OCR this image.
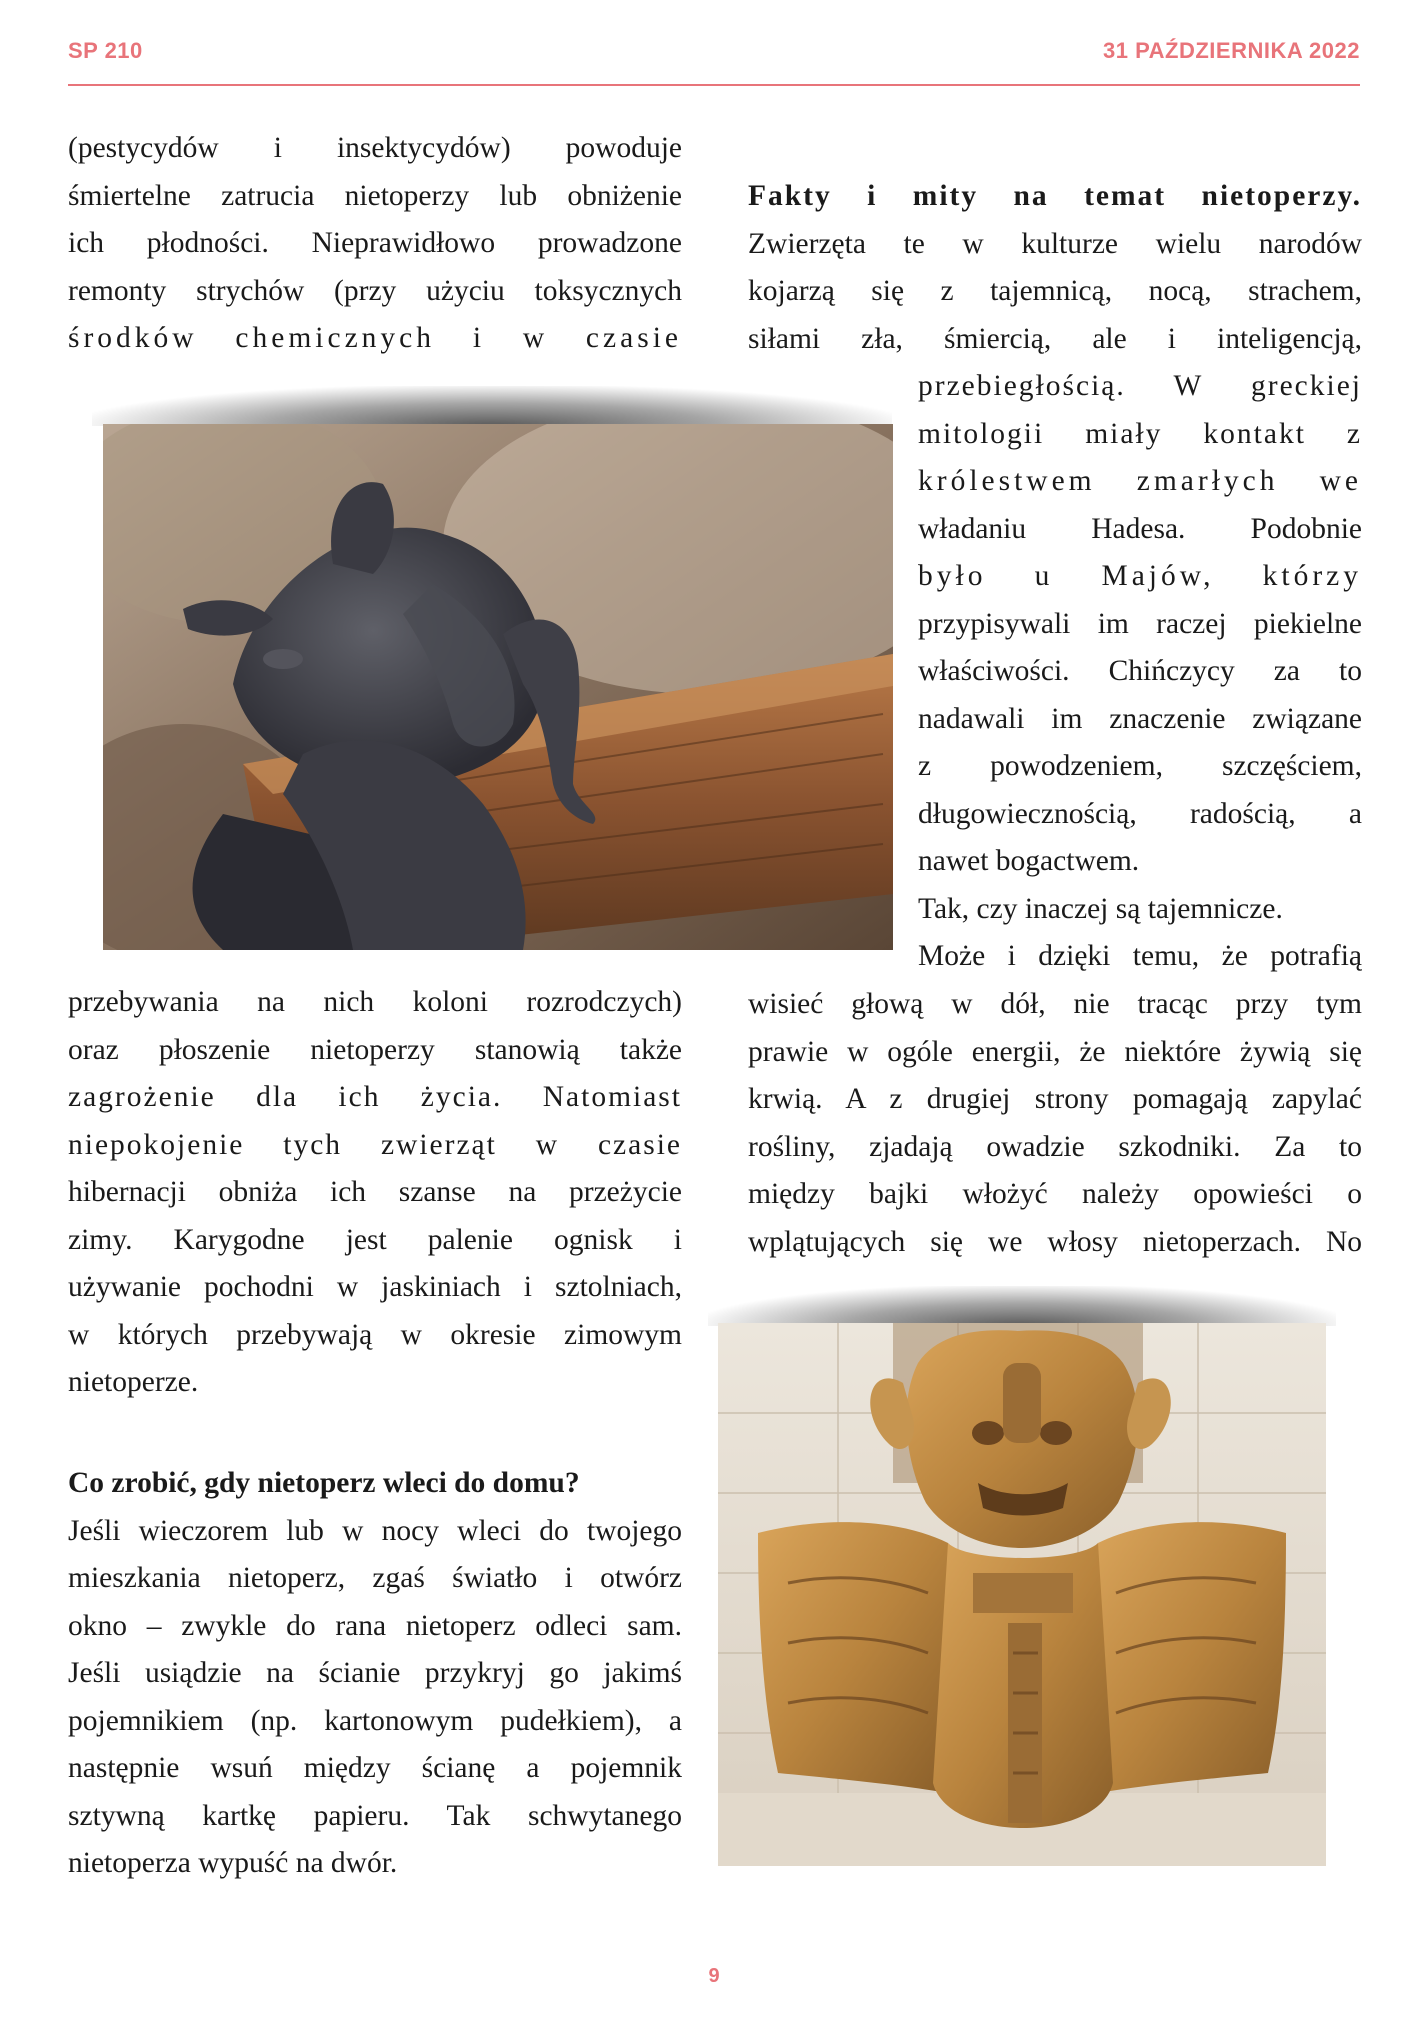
SP 210	31 PAŹDZIERNIKA 2022
(pestycydów i insektycydów) powoduje
śmiertelne zatrucia nietoperzy lub obniżenie
ich płodności. Nieprawidłowo prowadzone
remonty strychów (przy użyciu toksycznych
środków chemicznych i w czasie
przebywania na nich koloni rozrodczych)
oraz płoszenie nietoperzy stanowią także
zagrożenie dla ich życia. Natomiast
niepokojenie tych zwierząt w czasie
hibernacji obniża ich szanse na przeżycie
zimy. Karygodne jest palenie ognisk i
używanie pochodni w jaskiniach i sztolniach,
w których przebywają w okresie zimowym
nietoperze.
Co zrobić, gdy nietoperz wleci do domu?
Jeśli wieczorem lub w nocy wleci do twojego
mieszkania nietoperz, zgaś światło i otwórz
okno – zwykle do rana nietoperz odleci sam.
Jeśli usiądzie na ścianie przykryj go jakimś
pojemnikiem (np. kartonowym pudełkiem), a
następnie wsuń między ścianę a pojemnik
sztywną kartkę papieru. Tak schwytanego
nietoperza wypuść na dwór.
Fakty i mity na temat nietoperzy.
Zwierzęta te w kulturze wielu narodów
kojarzą się z tajemnicą, nocą, strachem,
siłami zła, śmiercią, ale i inteligencją,
przebiegłością. W greckiej
mitologii miały kontakt z
królestwem zmarłych we
władaniu Hadesa. Podobnie
było u Majów, którzy
przypisywali im raczej piekielne
właściwości. Chińczycy za to
nadawali im znaczenie związane
z powodzeniem, szczęściem,
długowiecznością, radością, a
nawet bogactwem.
Tak, czy inaczej są tajemnicze.
Może i dzięki temu, że potrafią
wisieć głową w dół, nie tracąc przy tym
prawie w ogóle energii, że niektóre żywią się
krwią. A z drugiej strony pomagają zapylać
rośliny, zjadają owadzie szkodniki. Za to
między bajki włożyć należy opowieści o
wplątujących się we włosy nietoperzach. No
9
